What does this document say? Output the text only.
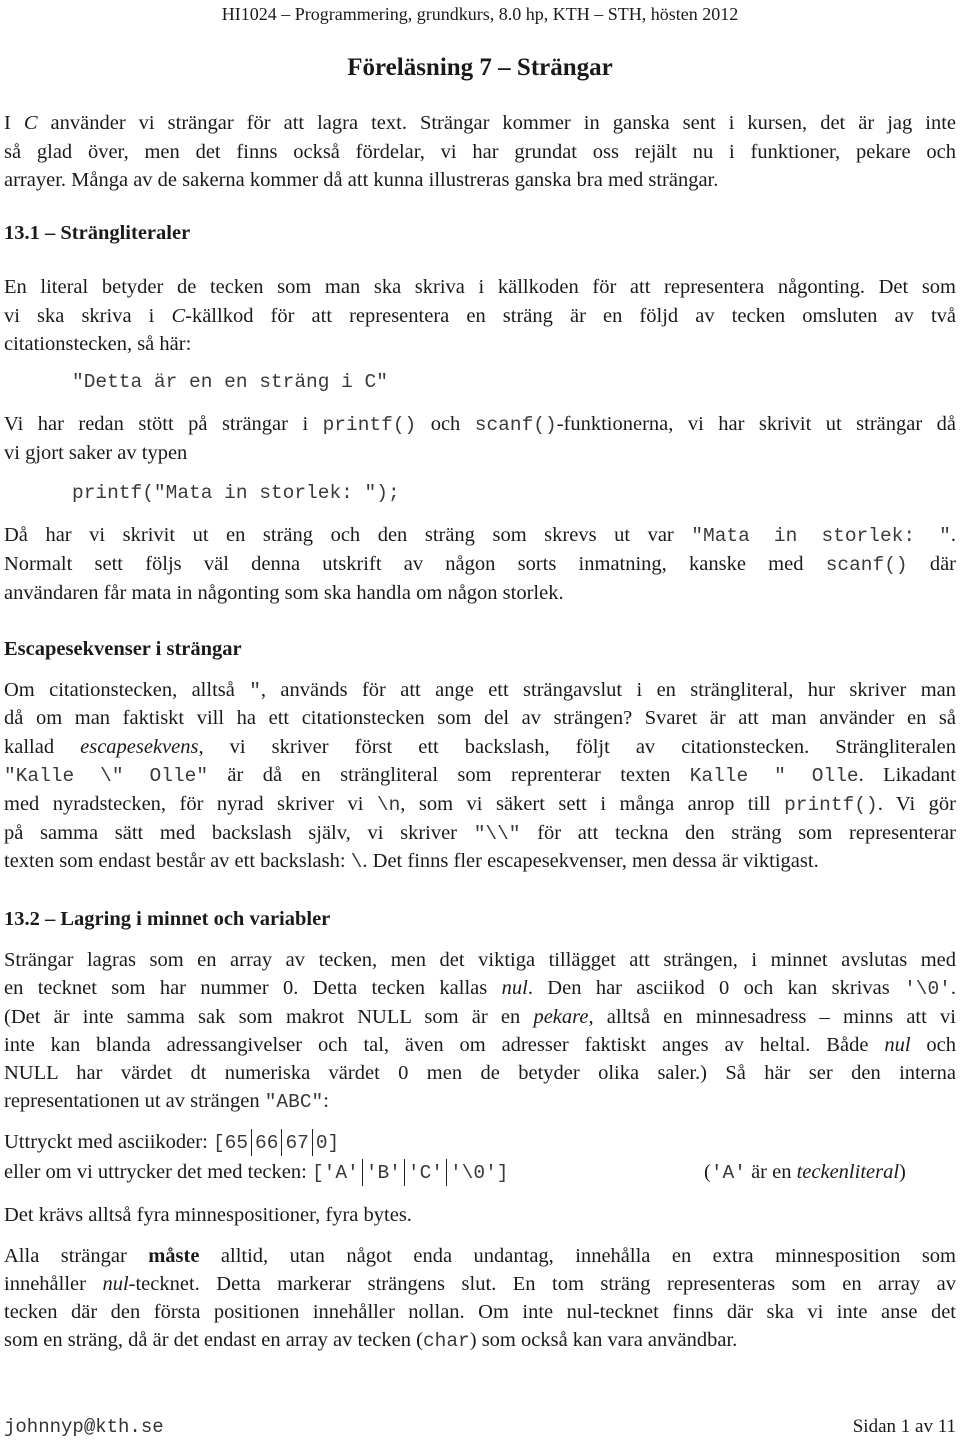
HI1024 – Programmering, grundkurs, 8.0 hp, KTH – STH, hösten 2012
Föreläsning 7 – Strängar
I C använder vi strängar för att lagra text. Strängar kommer in ganska sent i kursen, det är jag inte
så glad över, men det finns också fördelar, vi har grundat oss rejält nu i funktioner, pekare och
arrayer. Många av de sakerna kommer då att kunna illustreras ganska bra med strängar.
13.1 – Strängliteraler
En literal betyder de tecken som man ska skriva i källkoden för att representera någonting. Det som
vi ska skriva i C-källkod för att representera en sträng är en följd av tecken omsluten av två
citationstecken, så här:
″Detta är en en sträng i C″
Vi har redan stött på strängar i printf() och scanf()-funktionerna, vi har skrivit ut strängar då
vi gjort saker av typen
printf(″Mata in storlek: ″);
Då har vi skrivit ut en sträng och den sträng som skrevs ut var ″Mata in storlek: ″.
Normalt sett följs väl denna utskrift av någon sorts inmatning, kanske med scanf() där
användaren får mata in någonting som ska handla om någon storlek.
Escapesekvenser i strängar
Om citationstecken, alltså ″, används för att ange ett strängavslut i en strängliteral, hur skriver man
då om man faktiskt vill ha ett citationstecken som del av strängen? Svaret är att man använder en så
kallad escapesekvens, vi skriver först ett backslash, följt av citationstecken. Strängliteralen
″Kalle \″ Olle″ är då en strängliteral som reprenterar texten Kalle ″ Olle. Likadant
med nyradstecken, för nyrad skriver vi \n, som vi säkert sett i många anrop till printf(). Vi gör
på samma sätt med backslash själv, vi skriver ″\\″ för att teckna den sträng som representerar
texten som endast består av ett backslash: \. Det finns fler escapesekvenser, men dessa är viktigast.
13.2 – Lagring i minnet och variabler
Strängar lagras som en array av tecken, men det viktiga tillägget att strängen, i minnet avslutas med
en tecknet som har nummer 0. Detta tecken kallas nul. Den har asciikod 0 och kan skrivas '\0'.
(Det är inte samma sak som makrot NULL som är en pekare, alltså en minnesadress – minns att vi
inte kan blanda adressangivelser och tal, även om adresser faktiskt anges av heltal. Både nul och
NULL har värdet dt numeriska värdet 0 men de betyder olika saler.) Så här ser den interna
representationen ut av strängen ″ABC″:
Uttryckt med asciikoder: [65 66 67 0]
eller om vi uttrycker det med tecken: ['A' 'B' 'C' '\0']	('A' är en teckenliteral)
Det krävs alltså fyra minnespositioner, fyra bytes.
Alla strängar måste alltid, utan något enda undantag, innehålla en extra minnesposition som
innehåller nul-tecknet. Detta markerar strängens slut. En tom sträng representeras som en array av
tecken där den första positionen innehåller nollan. Om inte nul-tecknet finns där ska vi inte anse det
som en sträng, då är det endast en array av tecken (char) som också kan vara användbar.
johnnyp@kth.se	Sidan 1 av 11
